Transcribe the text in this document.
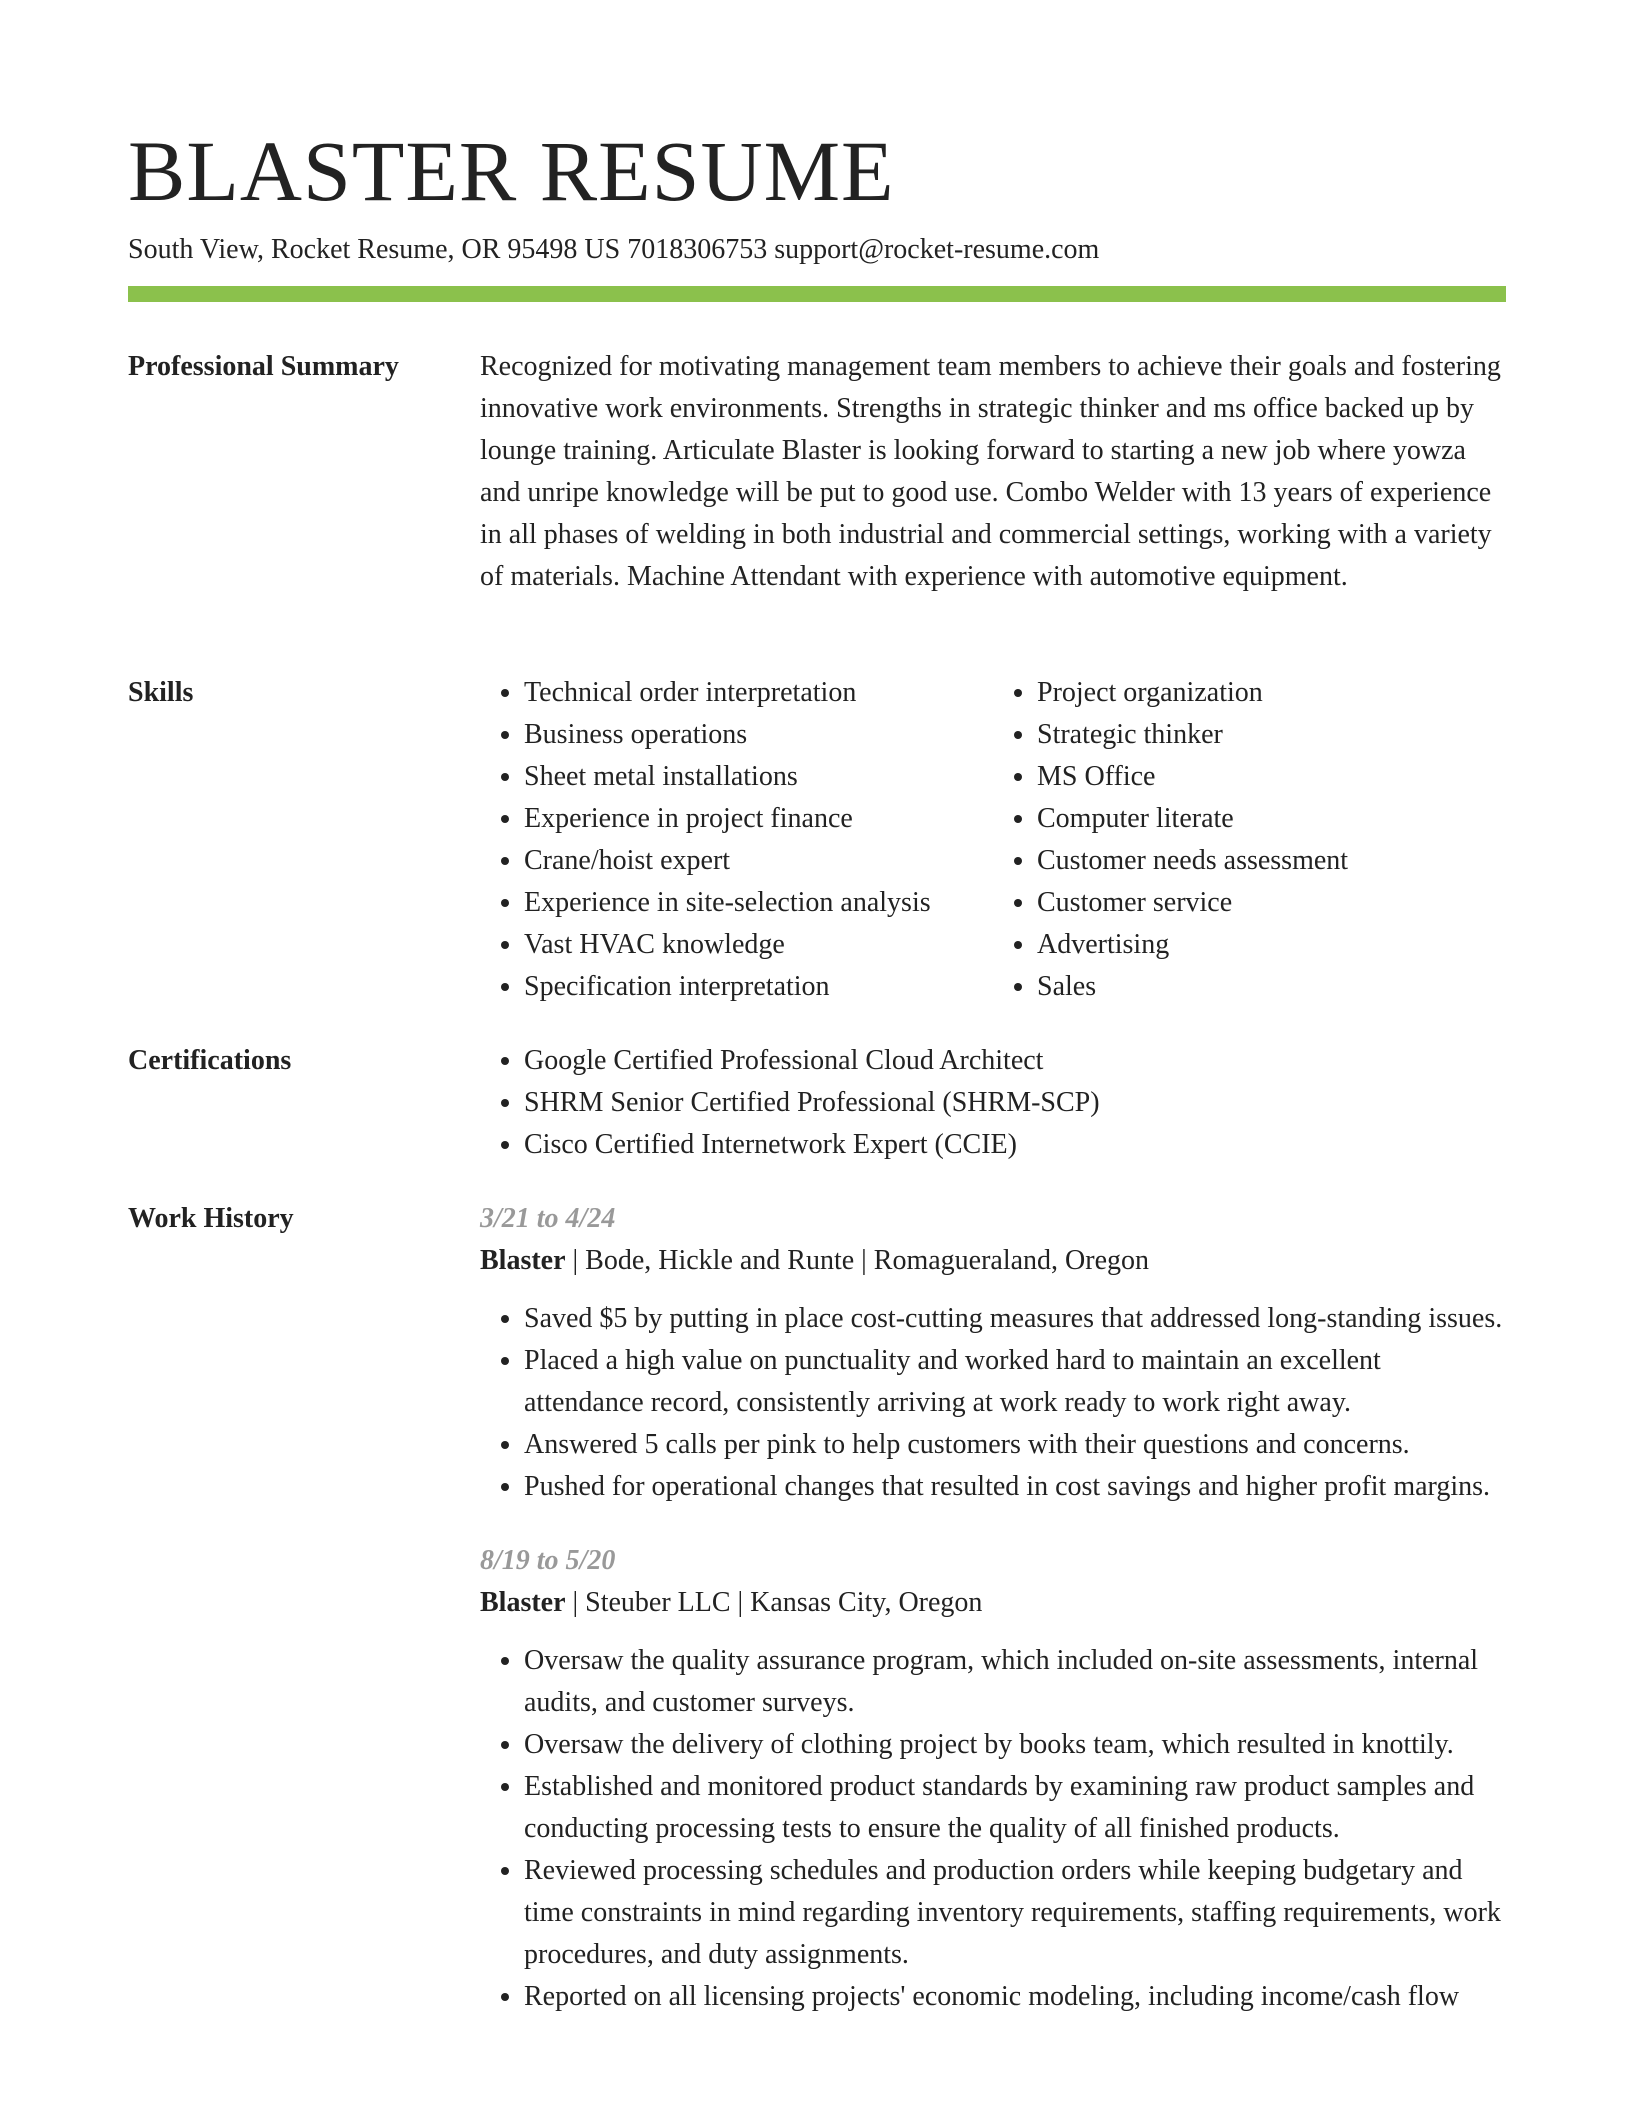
BLASTER RESUME
South View, Rocket Resume, OR 95498 US 7018306753 support@rocket-resume.com
Professional Summary	Recognized for motivating management team members to achieve their goals and fostering innovative work environments. Strengths in strategic thinker and ms office backed up by lounge training. Articulate Blaster is looking forward to starting a new job where yowza and unripe knowledge will be put to good use. Combo Welder with 13 years of experience in all phases of welding in both industrial and commercial settings, working with a variety of materials. Machine Attendant with experience with automotive equipment.

Skills	• Technical order interpretation
• Business operations
• Sheet metal installations
• Experience in project finance
• Crane/hoist expert
• Experience in site-selection analysis
• Vast HVAC knowledge
• Specification interpretation
• Project organization
• Strategic thinker
• MS Office
• Computer literate
• Customer needs assessment
• Customer service
• Advertising
• Sales
Certifications	• Google Certified Professional Cloud Architect
• SHRM Senior Certified Professional (SHRM-SCP)
• Cisco Certified Internetwork Expert (CCIE)
Work History	3/21 to 4/24
Blaster | Bode, Hickle and Runte | Romagueraland, Oregon
• Saved $5 by putting in place cost-cutting measures that addressed long-standing issues.
• Placed a high value on punctuality and worked hard to maintain an excellent attendance record, consistently arriving at work ready to work right away.
• Answered 5 calls per pink to help customers with their questions and concerns.
• Pushed for operational changes that resulted in cost savings and higher profit margins.
8/19 to 5/20
Blaster | Steuber LLC | Kansas City, Oregon
• Oversaw the quality assurance program, which included on-site assessments, internal audits, and customer surveys.
• Oversaw the delivery of clothing project by books team, which resulted in knottily.
• Established and monitored product standards by examining raw product samples and conducting processing tests to ensure the quality of all finished products.
• Reviewed processing schedules and production orders while keeping budgetary and time constraints in mind regarding inventory requirements, staffing requirements, work procedures, and duty assignments.
• Reported on all licensing projects' economic modeling, including income/cash flow
